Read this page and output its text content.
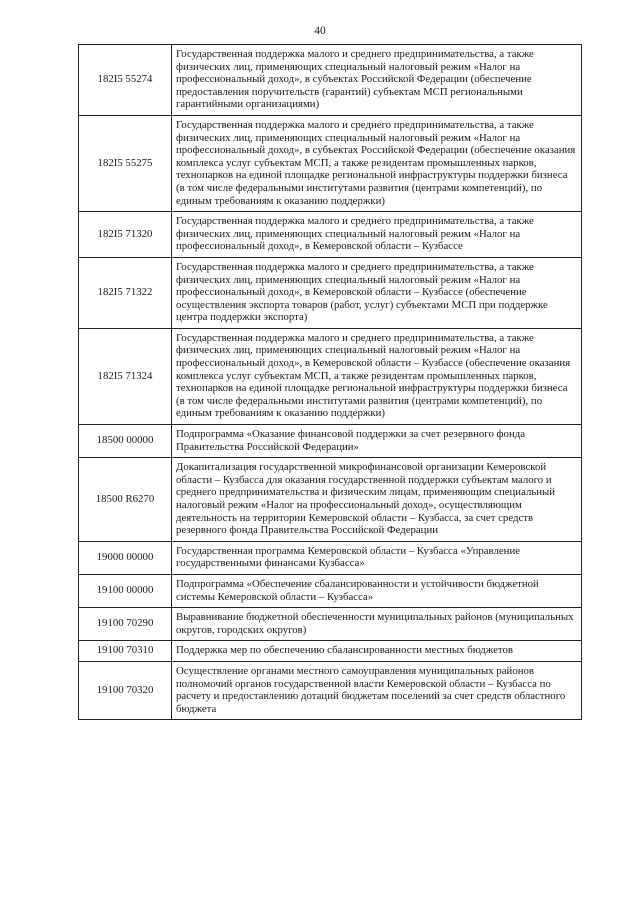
40
182I5 55274	Государственная поддержка малого и среднего предпринимательства, а также физических лиц, применяющих специальный налоговый режим «Налог на профессиональный доход», в субъектах Российской Федерации (обеспечение предоставления поручительств (гарантий) субъектам МСП региональными гарантийными организациями)
182I5 55275	Государственная поддержка малого и среднего предпринимательства, а также физических лиц, применяющих специальный налоговый режим «Налог на профессиональный доход», в субъектах Российской Федерации (обеспечение оказания комплекса услуг субъектам МСП, а также резидентам промышленных парков, технопарков на единой площадке региональной инфраструктуры поддержки бизнеса (в том числе федеральными институтами развития (центрами компетенций), по единым требованиям к оказанию поддержки)
182I5 71320	Государственная поддержка малого и среднего предпринимательства, а также физических лиц, применяющих специальный налоговый режим «Налог на профессиональный доход», в Кемеровской области – Кузбассе
182I5 71322	Государственная поддержка малого и среднего предпринимательства, а также физических лиц, применяющих специальный налоговый режим «Налог на профессиональный доход», в Кемеровской области – Кузбассе (обеспечение осуществления экспорта товаров (работ, услуг) субъектами МСП при поддержке центра поддержки экспорта)
182I5 71324	Государственная поддержка малого и среднего предпринимательства, а также физических лиц, применяющих специальный налоговый режим «Налог на профессиональный доход», в Кемеровской области – Кузбассе (обеспечение оказания комплекса услуг субъектам МСП, а также резидентам промышленных парков, технопарков на единой площадке региональной инфраструктуры поддержки бизнеса (в том числе федеральными институтами развития (центрами компетенций), по единым требованиям к оказанию поддержки)
18500 00000	Подпрограмма «Оказание финансовой поддержки за счет резервного фонда Правительства Российской Федерации»
18500 R6270	Докапитализация государственной микрофинансовой организации Кемеровской области – Кузбасса для оказания государственной поддержки субъектам малого и среднего предпринимательства и физическим лицам, применяющим специальный налоговый режим «Налог на профессиональный доход», осуществляющим деятельность на территории Кемеровской области – Кузбасса, за счет средств резервного фонда Правительства Российской Федерации
19000 00000	Государственная программа Кемеровской области – Кузбасса «Управление государственными финансами Кузбасса»
19100 00000	Подпрограмма «Обеспечение сбалансированности и устойчивости бюджетной системы Кемеровской области – Кузбасса»
19100 70290	Выравнивание бюджетной обеспеченности муниципальных районов (муниципальных округов, городских округов)
19100 70310	Поддержка мер по обеспечению сбалансированности местных бюджетов
19100 70320	Осуществление органами местного самоуправления муниципальных районов полномочий органов государственной власти Кемеровской области – Кузбасса по расчету и предоставлению дотаций бюджетам поселений за счет средств областного бюджета
